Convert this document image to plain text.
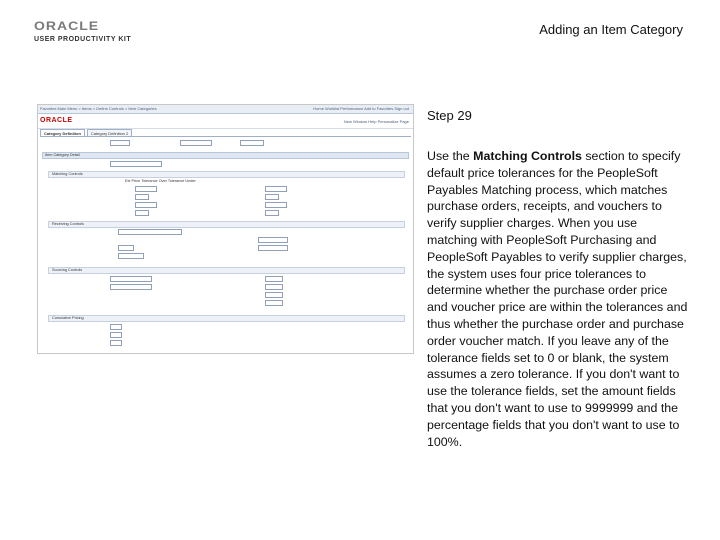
ORACLE
USER PRODUCTIVITY KIT
Adding an Item Category
Favorites Main Menu > Items > Define Controls > Item Categories	Home Worklist Performance Add to Favorites Sign out
ORACLE	New Window Help Personalize Page
Category Definition	Category Definition 2
Item Category Detail
Matching Controls
Ext Price Tolerance Over Tolerance Under
Receiving Controls
Sourcing Controls
Cumulative Pricing
Step 29
Use the Matching Controls section to specify default price tolerances for the PeopleSoft Payables Matching process, which matches purchase orders, receipts, and vouchers to verify supplier charges. When you use matching with PeopleSoft Purchasing and PeopleSoft Payables to verify supplier charges, the system uses four price tolerances to determine whether the purchase order price and voucher price are within the tolerances and thus whether the purchase order and purchase order voucher match. If you leave any of the tolerance fields set to 0 or blank, the system assumes a zero tolerance. If you don't want to use the tolerance fields, set the amount fields that you don't want to use to 9999999 and the percentage fields that you don't want to use to 100%.
